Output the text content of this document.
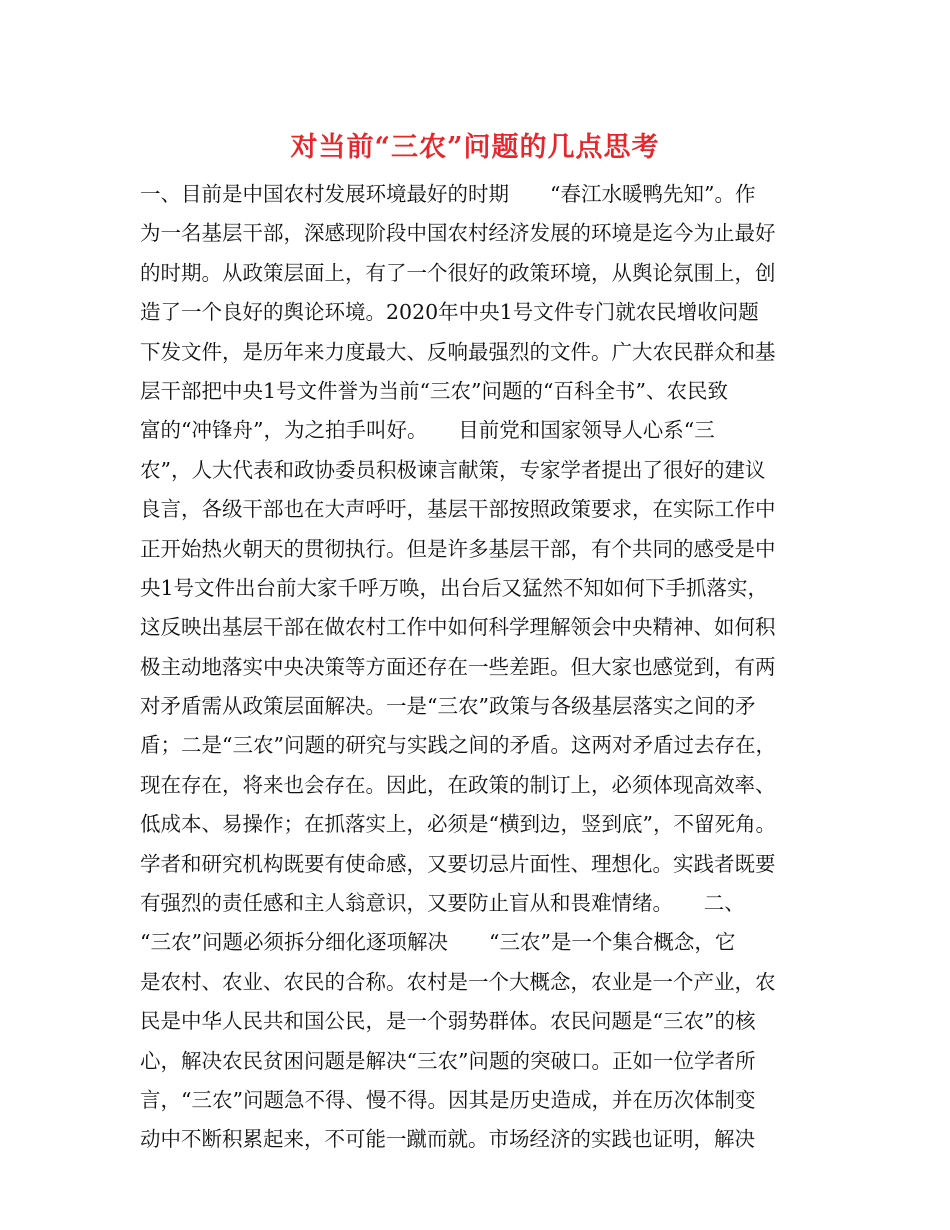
对当前“三农”问题的几点思考
一、目前是中国农村发展环境最好的时期　　“春江水暖鸭先知”。作
为一名基层干部，深感现阶段中国农村经济发展的环境是迄今为止最好
的时期。从政策层面上，有了一个很好的政策环境，从舆论氛围上，创
造了一个良好的舆论环境。2020年中央1号文件专门就农民增收问题
下发文件，是历年来力度最大、反响最强烈的文件。广大农民群众和基
层干部把中央1号文件誉为当前“三农”问题的“百科全书”、农民致
富的“冲锋舟”，为之拍手叫好。　　目前党和国家领导人心系“三
农”，人大代表和政协委员积极谏言献策，专家学者提出了很好的建议
良言，各级干部也在大声呼吁，基层干部按照政策要求，在实际工作中
正开始热火朝天的贯彻执行。但是许多基层干部，有个共同的感受是中
央1号文件出台前大家千呼万唤，出台后又猛然不知如何下手抓落实，
这反映出基层干部在做农村工作中如何科学理解领会中央精神、如何积
极主动地落实中央决策等方面还存在一些差距。但大家也感觉到，有两
对矛盾需从政策层面解决。一是“三农”政策与各级基层落实之间的矛
盾；二是“三农”问题的研究与实践之间的矛盾。这两对矛盾过去存在，
现在存在，将来也会存在。因此，在政策的制订上，必须体现高效率、
低成本、易操作；在抓落实上，必须是“横到边，竖到底”，不留死角。
学者和研究机构既要有使命感，又要切忌片面性、理想化。实践者既要
有强烈的责任感和主人翁意识，又要防止盲从和畏难情绪。　　二、
“三农”问题必须拆分细化逐项解决　　“三农”是一个集合概念，它
是农村、农业、农民的合称。农村是一个大概念，农业是一个产业，农
民是中华人民共和国公民，是一个弱势群体。农民问题是“三农”的核
心，解决农民贫困问题是解决“三农”问题的突破口。正如一位学者所
言，“三农”问题急不得、慢不得。因其是历史造成，并在历次体制变
动中不断积累起来，不可能一蹴而就。市场经济的实践也证明，解决
